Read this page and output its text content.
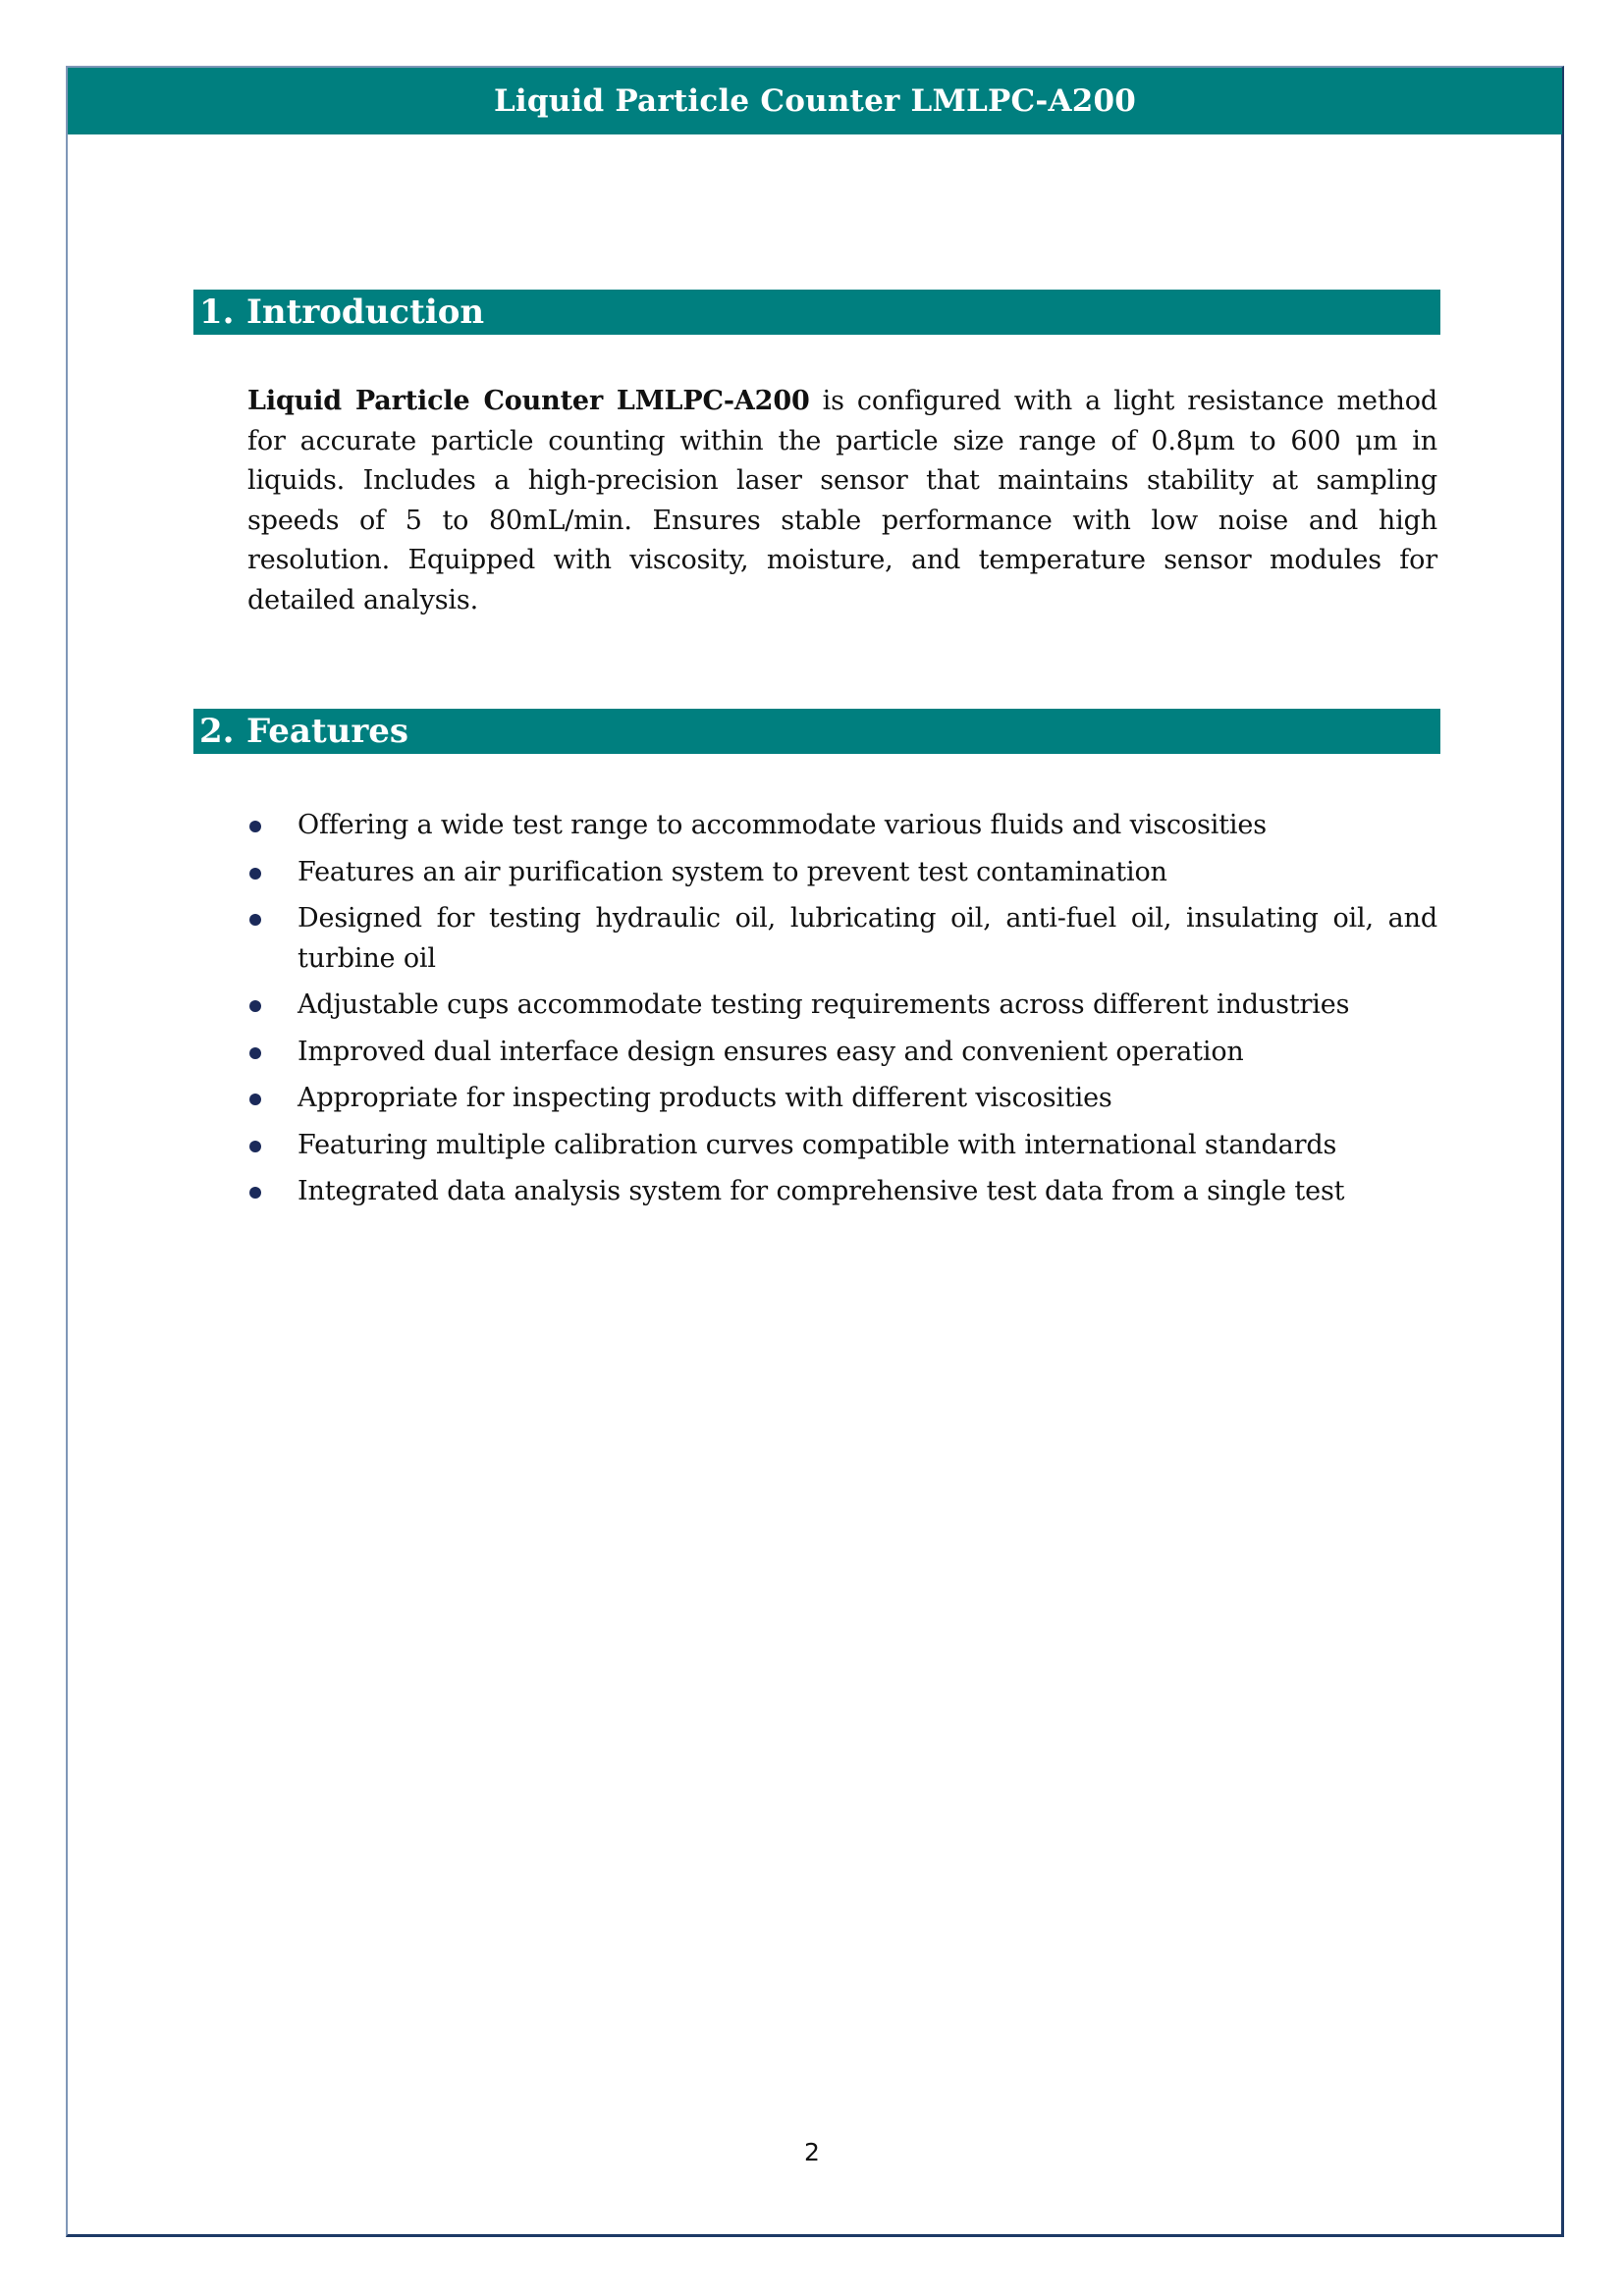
Liquid Particle Counter LMLPC-A200
1. Introduction

Liquid Particle Counter LMLPC-A200 is configured with a light resistance method for accurate particle counting within the particle size range of 0.8μm to 600 μm in liquids. Includes a high-precision laser sensor that maintains stability at sampling speeds of 5 to 80mL/min. Ensures stable performance with low noise and high resolution. Equipped with viscosity, moisture, and temperature sensor modules for detailed analysis.

2. Features
Offering a wide test range to accommodate various fluids and viscosities
Features an air purification system to prevent test contamination
Designed for testing hydraulic oil, lubricating oil, anti-fuel oil, insulating oil, and turbine oil
Adjustable cups accommodate testing requirements across different industries
Improved dual interface design ensures easy and convenient operation
Appropriate for inspecting products with different viscosities
Featuring multiple calibration curves compatible with international standards
Integrated data analysis system for comprehensive test data from a single test
2
